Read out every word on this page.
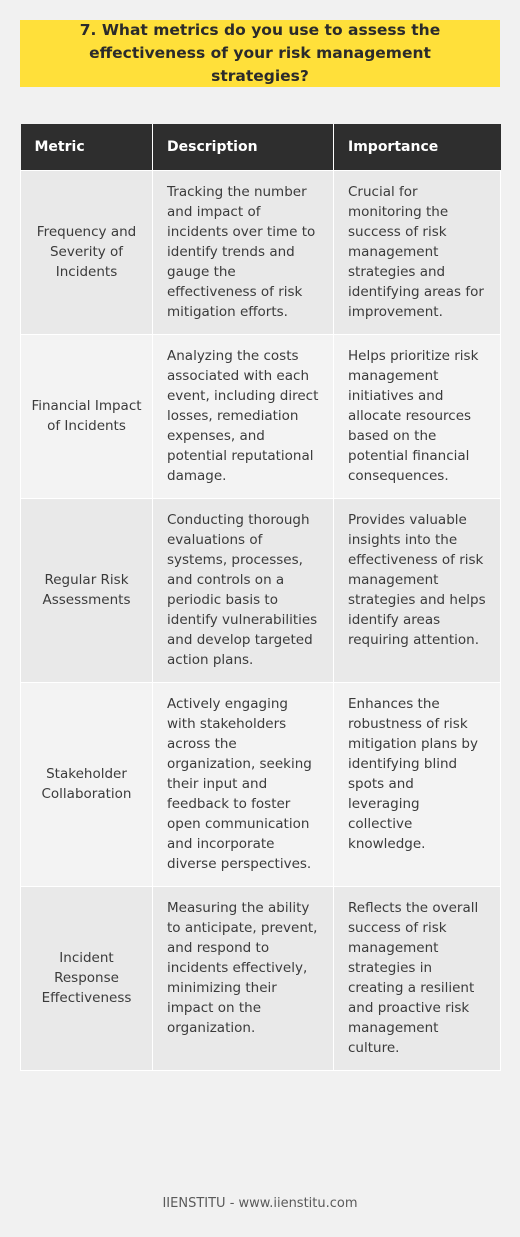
7. What metrics do you use to assess the effectiveness of your risk management strategies?
Metric	Description	Importance
Frequency and Severity of Incidents	Tracking the number and impact of incidents over time to identify trends and gauge the effectiveness of risk mitigation efforts.	Crucial for monitoring the success of risk management strategies and identifying areas for improvement.
Financial Impact of Incidents	Analyzing the costs associated with each event, including direct losses, remediation expenses, and potential reputational damage.	Helps prioritize risk management initiatives and allocate resources based on the potential financial consequences.
Regular Risk Assessments	Conducting thorough evaluations of systems, processes, and controls on a periodic basis to identify vulnerabilities and develop targeted action plans.	Provides valuable insights into the effectiveness of risk management strategies and helps identify areas requiring attention.
Stakeholder Collaboration	Actively engaging with stakeholders across the organization, seeking their input and feedback to foster open communication and incorporate diverse perspectives.	Enhances the robustness of risk mitigation plans by identifying blind spots and leveraging collective knowledge.
Incident Response Effectiveness	Measuring the ability to anticipate, prevent, and respond to incidents effectively, minimizing their impact on the organization.	Reflects the overall success of risk management strategies in creating a resilient and proactive risk management culture.
IIENSTITU - www.iienstitu.com
